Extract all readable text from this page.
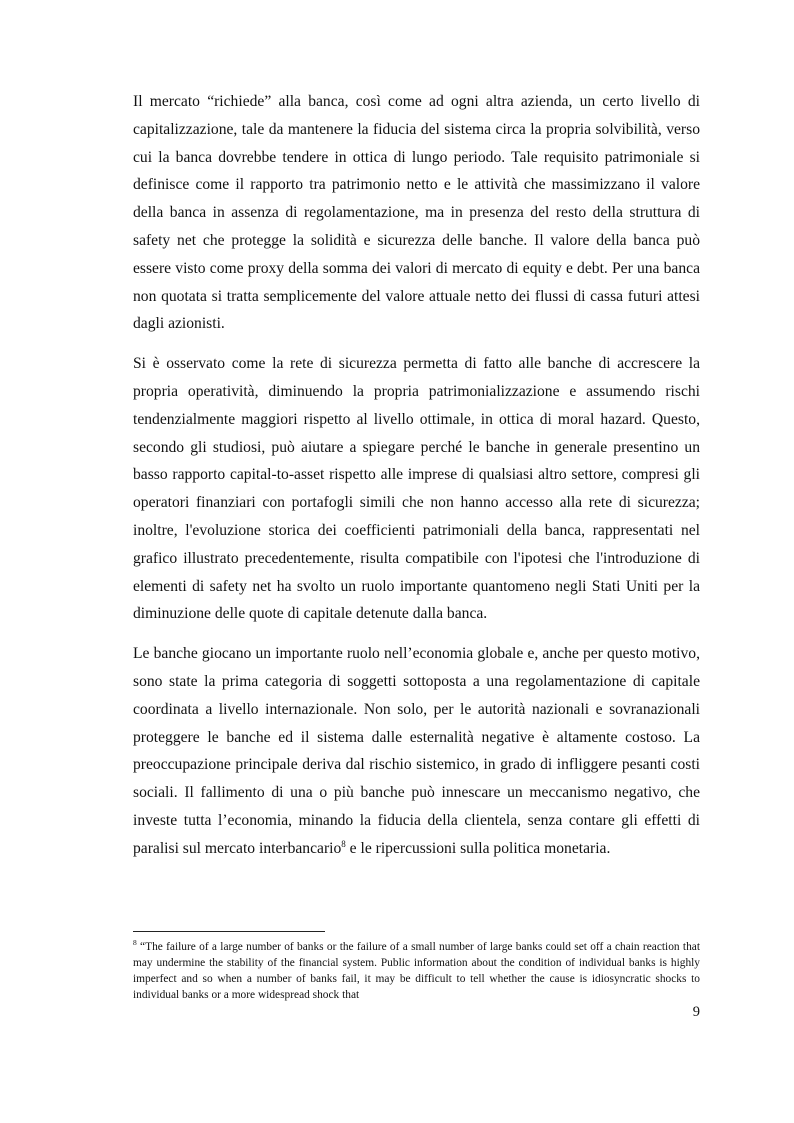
Il mercato “richiede” alla banca, così come ad ogni altra azienda, un certo livello di capitalizzazione, tale da mantenere la fiducia del sistema circa la propria solvibilità, verso cui la banca dovrebbe tendere in ottica di lungo periodo. Tale requisito patrimoniale si definisce come il rapporto tra patrimonio netto e le attività che massimizzano il valore della banca in assenza di regolamentazione, ma in presenza del resto della struttura di safety net che protegge la solidità e sicurezza delle banche. Il valore della banca può essere visto come proxy della somma dei valori di mercato di equity e debt. Per una banca non quotata si tratta semplicemente del valore attuale netto dei flussi di cassa futuri attesi dagli azionisti.

Si è osservato come la rete di sicurezza permetta di fatto alle banche di accrescere la propria operatività, diminuendo la propria patrimonializzazione e assumendo rischi tendenzialmente maggiori rispetto al livello ottimale, in ottica di moral hazard. Questo, secondo gli studiosi, può aiutare a spiegare perché le banche in generale presentino un basso rapporto capital-to-asset rispetto alle imprese di qualsiasi altro settore, compresi gli operatori finanziari con portafogli simili che non hanno accesso alla rete di sicurezza; inoltre, l'evoluzione storica dei coefficienti patrimoniali della banca, rappresentati nel grafico illustrato precedentemente, risulta compatibile con l'ipotesi che l'introduzione di elementi di safety net ha svolto un ruolo importante quantomeno negli Stati Uniti per la diminuzione delle quote di capitale detenute dalla banca.

Le banche giocano un importante ruolo nell’economia globale e, anche per questo motivo, sono state la prima categoria di soggetti sottoposta a una regolamentazione di capitale coordinata a livello internazionale. Non solo, per le autorità nazionali e sovranazionali proteggere le banche ed il sistema dalle esternalità negative è altamente costoso. La preoccupazione principale deriva dal rischio sistemico, in grado di infliggere pesanti costi sociali. Il fallimento di una o più banche può innescare un meccanismo negativo, che investe tutta l’economia, minando la fiducia della clientela, senza contare gli effetti di paralisi sul mercato interbancario$^8$ e le ripercussioni sulla politica monetaria.

$^8$ “The failure of a large number of banks or the failure of a small number of large banks could set off a chain reaction that may undermine the stability of the financial system. Public information about the condition of individual banks is highly imperfect and so when a number of banks fail, it may be difficult to tell whether the cause is idiosyncratic shocks to individual banks or a more widespread shock that
9
